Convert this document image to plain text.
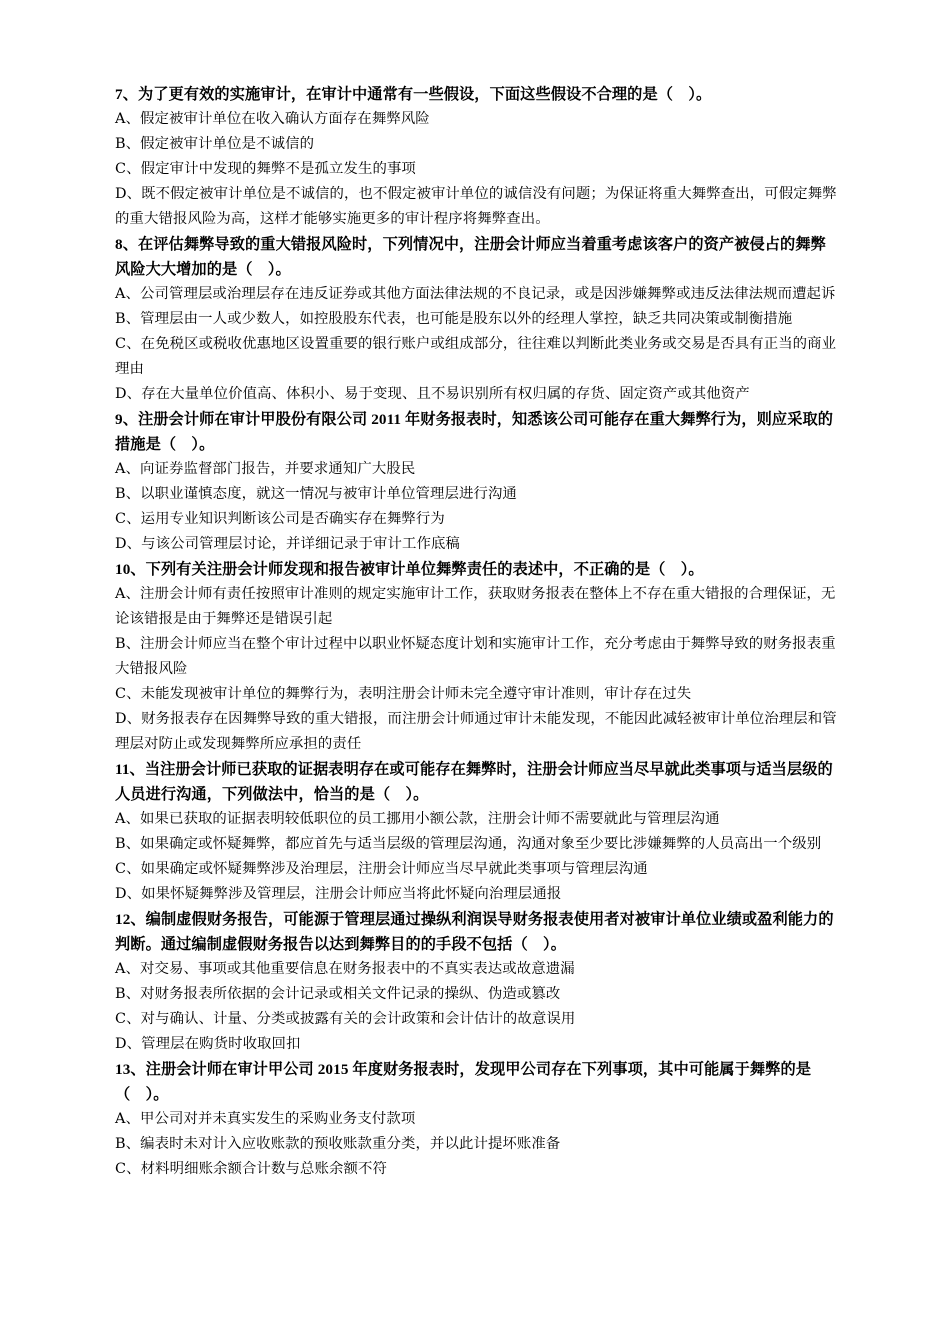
7、为了更有效的实施审计，在审计中通常有一些假设，下面这些假设不合理的是（　）。

A、假定被审计单位在收入确认方面存在舞弊风险

B、假定被审计单位是不诚信的

C、假定审计中发现的舞弊不是孤立发生的事项

D、既不假定被审计单位是不诚信的，也不假定被审计单位的诚信没有问题；为保证将重大舞弊查出，可假定舞弊的重大错报风险为高，这样才能够实施更多的审计程序将舞弊查出。

8、在评估舞弊导致的重大错报风险时，下列情况中，注册会计师应当着重考虑该客户的资产被侵占的舞弊风险大大增加的是（　）。

A、公司管理层或治理层存在违反证券或其他方面法律法规的不良记录，或是因涉嫌舞弊或违反法律法规而遭起诉

B、管理层由一人或少数人，如控股股东代表，也可能是股东以外的经理人掌控，缺乏共同决策或制衡措施

C、在免税区或税收优惠地区设置重要的银行账户或组成部分，往往难以判断此类业务或交易是否具有正当的商业理由

D、存在大量单位价值高、体积小、易于变现、且不易识别所有权归属的存货、固定资产或其他资产

9、注册会计师在审计甲股份有限公司 2011 年财务报表时，知悉该公司可能存在重大舞弊行为，则应采取的措施是（　）。

A、向证券监督部门报告，并要求通知广大股民

B、以职业谨慎态度，就这一情况与被审计单位管理层进行沟通

C、运用专业知识判断该公司是否确实存在舞弊行为

D、与该公司管理层讨论，并详细记录于审计工作底稿

10、下列有关注册会计师发现和报告被审计单位舞弊责任的表述中，不正确的是（　）。

A、注册会计师有责任按照审计准则的规定实施审计工作，获取财务报表在整体上不存在重大错报的合理保证，无论该错报是由于舞弊还是错误引起

B、注册会计师应当在整个审计过程中以职业怀疑态度计划和实施审计工作，充分考虑由于舞弊导致的财务报表重大错报风险

C、未能发现被审计单位的舞弊行为，表明注册会计师未完全遵守审计准则，审计存在过失

D、财务报表存在因舞弊导致的重大错报，而注册会计师通过审计未能发现，不能因此减轻被审计单位治理层和管理层对防止或发现舞弊所应承担的责任

11、当注册会计师已获取的证据表明存在或可能存在舞弊时，注册会计师应当尽早就此类事项与适当层级的人员进行沟通，下列做法中，恰当的是（　）。

A、如果已获取的证据表明较低职位的员工挪用小额公款，注册会计师不需要就此与管理层沟通

B、如果确定或怀疑舞弊，都应首先与适当层级的管理层沟通，沟通对象至少要比涉嫌舞弊的人员高出一个级别

C、如果确定或怀疑舞弊涉及治理层，注册会计师应当尽早就此类事项与管理层沟通

D、如果怀疑舞弊涉及管理层，注册会计师应当将此怀疑向治理层通报

12、编制虚假财务报告，可能源于管理层通过操纵利润误导财务报表使用者对被审计单位业绩或盈利能力的判断。通过编制虚假财务报告以达到舞弊目的的手段不包括（　）。

A、对交易、事项或其他重要信息在财务报表中的不真实表达或故意遗漏

B、对财务报表所依据的会计记录或相关文件记录的操纵、伪造或篡改

C、对与确认、计量、分类或披露有关的会计政策和会计估计的故意误用

D、管理层在购货时收取回扣

13、注册会计师在审计甲公司 2015 年度财务报表时，发现甲公司存在下列事项，其中可能属于舞弊的是（　）。

A、甲公司对并未真实发生的采购业务支付款项

B、编表时未对计入应收账款的预收账款重分类，并以此计提坏账准备

C、材料明细账余额合计数与总账余额不符
